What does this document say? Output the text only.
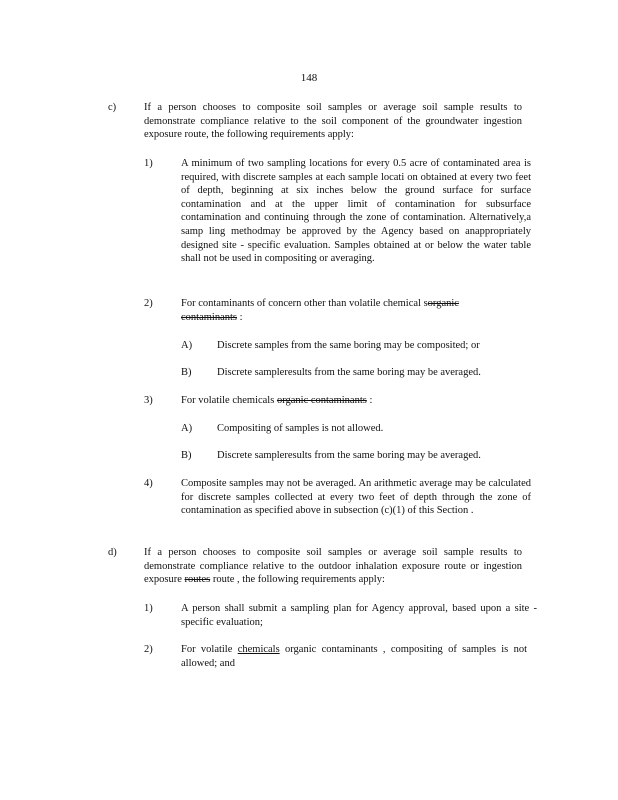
148
c)	If a person chooses to composite soil samples or average soil sample results to demonstrate compliance relative to the soil component of the groundwater ingestion exposure route, the following requirements apply:
1)	A minimum of two sampling locations for every 0.5 acre of contaminated area is required, with discrete samples at each sample locati on obtained at every two feet of depth, beginning at six inches below the ground surface for surface contamination and at the upper limit of contamination for subsurface contamination and continuing through the zone of contamination. Alternatively,a samp ling methodmay be approved by the Agency based on anappropriately designed site - specific evaluation. Samples obtained at or below the water table shall not be used in compositing or averaging.
2)	For contaminants of concern other than volatile chemical sorganic contaminants :
A) Discrete samples from the same boring may be composited; or
B) Discrete sampleresults from the same boring may be averaged.
3)	For volatile chemicals organic contaminants :
A) Compositing of samples is not allowed.
B) Discrete sampleresults from the same boring may be averaged.
4)	Composite samples may not be averaged. An arithmetic average may be calculated for discrete samples collected at every two feet of depth through the zone of contamination as specified above in subsection (c)(1) of this Section .
d)	If a person chooses to composite soil samples or average soil sample results to demonstrate compliance relative to the outdoor inhalation exposure route or ingestion exposure routes route , the following requirements apply:
1)	A person shall submit a sampling plan for Agency approval, based upon a site -specific evaluation;
2)	For volatile chemicals organic contaminants , compositing of samples is not allowed; and
